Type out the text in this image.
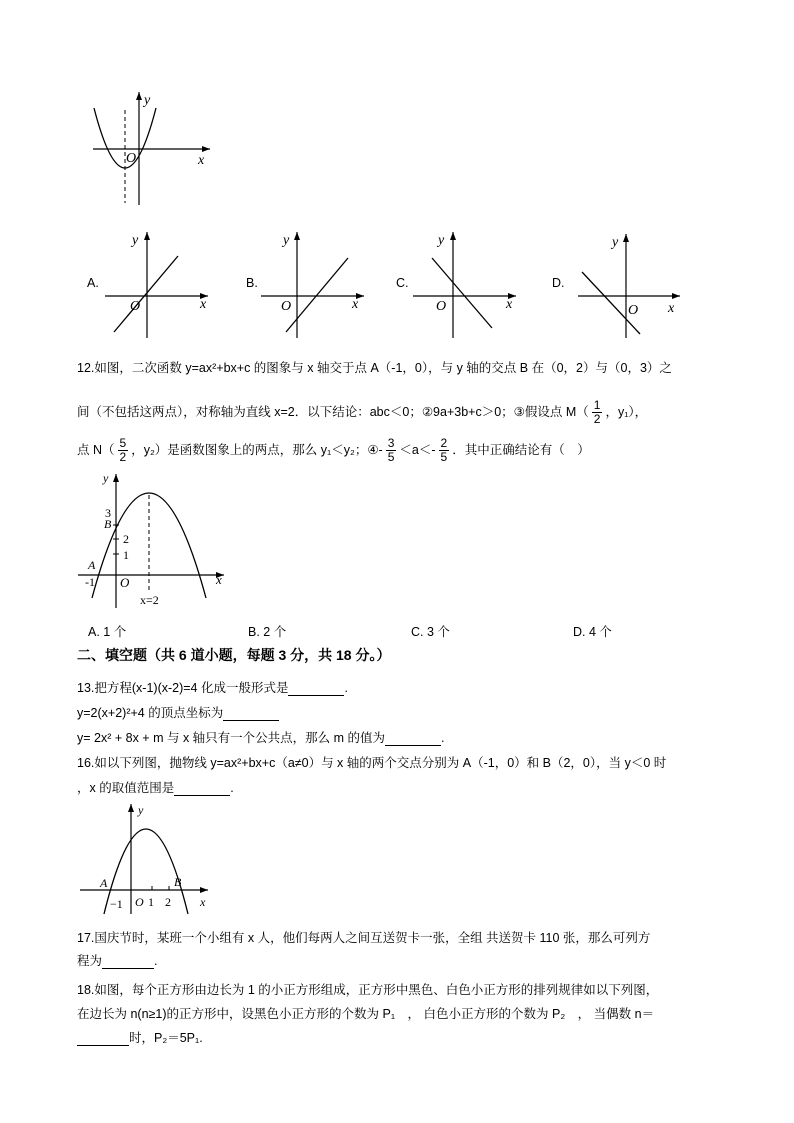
y
x
O
A.
y
x
O
B.
y
x
O
C.
y
x
O
D.
y
x
O
12.如图，二次函数 y=ax²+bx+c 的图象与 x 轴交于点 A（-1，0），与 y 轴的交点 B 在（0，2）与（0，3）之
间（不包括这两点），对称轴为直线 x=2．以下结论：abc＜0；②9a+3b+c＞0；③假设点 $M( \frac{1}{2}$ ，y₁），
点 $N( \frac{5}{2}$ ，y₂）是函数图象上的两点，那么 y₁＜y₂；④- $\frac{3}{5} <a<- \frac{2}{5}$ ．其中正确结论有（　）
y
x
3
B
2
1
A
-1 O
x=2
A. 1 个	B. 2 个	C. 3 个	D. 4 个
二、填空题（共 6 道小题，每题 3 分，共 18 分。）
13.把方程(x-1)(x-2)=4 化成一般形式是	.
y=2(x+2)²+4 的顶点坐标为
y= 2x² + 8x + m 与 x 轴只有一个公共点，那么 m 的值为	.
16.如以下列图，抛物线 y=ax²+bx+c（a≠0）与 x 轴的两个交点分别为 A（-1，0）和 B（2，0），当 y＜0 时
，x 的取值范围是	.
y
x
A	B
−1 O 1 2
17.国庆节时，某班一个小组有 x 人，他们每两人之间互送贺卡一张，全组 共送贺卡 110 张，那么可列方
程为	.
18.如图，每个正方形由边长为 1 的小正方形组成，正方形中黑色、白色小正方形的排列规律如以下列图，
在边长为 n(n≥1)的正方形中，设黑色小正方形的个数为 P₁　， 白色小正方形的个数为 P₂　， 当偶数 n＝
时，P₂＝5P₁.
